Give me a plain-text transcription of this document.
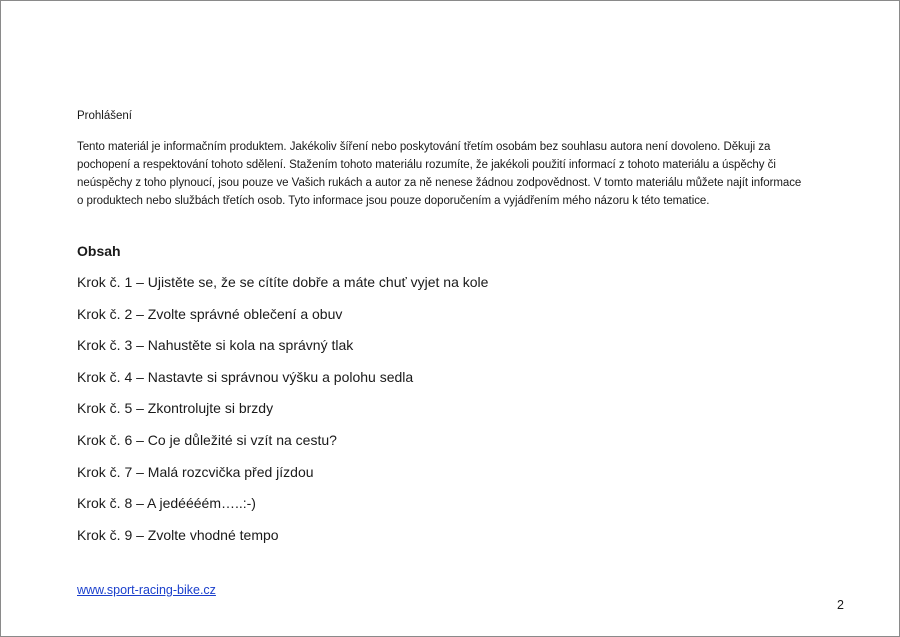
Prohlášení
Tento materiál je informačním produktem. Jakékoliv šíření nebo poskytování třetím osobám bez souhlasu autora není dovoleno. Děkuji za
pochopení a respektování tohoto sdělení. Stažením tohoto materiálu rozumíte, že jakékoli použití informací z tohoto materiálu a úspěchy či
neúspěchy z toho plynoucí, jsou pouze ve Vašich rukách a autor za ně nenese žádnou zodpovědnost. V tomto materiálu můžete najít informace
o produktech nebo službách třetích osob. Tyto informace jsou pouze doporučením a vyjádřením mého názoru k této tematice.
Obsah
Krok č. 1 – Ujistěte se, že se cítíte dobře a máte chuť vyjet na kole
Krok č. 2 – Zvolte správné oblečení a obuv
Krok č. 3 – Nahustěte si kola na správný tlak
Krok č. 4 – Nastavte si správnou výšku a polohu sedla
Krok č. 5 – Zkontrolujte si brzdy
Krok č. 6 – Co je důležité si vzít na cestu?
Krok č. 7 – Malá rozcvička před jízdou
Krok č. 8 – A jedéééém…..:-)
Krok č. 9 – Zvolte vhodné tempo
www.sport-racing-bike.cz
2
